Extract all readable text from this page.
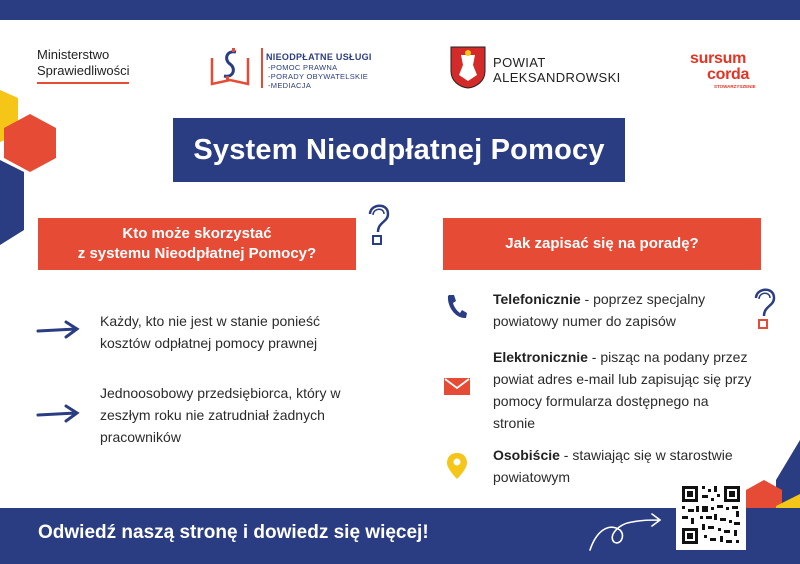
Ministerstwo
Sprawiedliwości
NIEODPŁATNE USŁUGI
-POMOC PRAWNA
-PORADY OBYWATELSKIE
-MEDIACJA
POWIAT
ALEKSANDROWSKI
sursum
corda
STOWARZYSZENIE
System Nieodpłatnej Pomocy
Kto może skorzystać
z systemu Nieodpłatnej Pomocy?
Jak zapisać się na poradę?
Każdy, kto nie jest w stanie ponieść kosztów odpłatnej pomocy prawnej
Jednoosobowy przedsiębiorca, który w zeszłym roku nie zatrudniał żadnych pracowników
Telefonicznie - poprzez specjalny powiatowy numer do zapisów
Elektronicznie - pisząc na podany przez powiat adres e-mail lub zapisując się przy pomocy formularza dostępnego na stronie
Osobiście - stawiając się w starostwie powiatowym
Odwiedź naszą stronę i dowiedz się więcej!
